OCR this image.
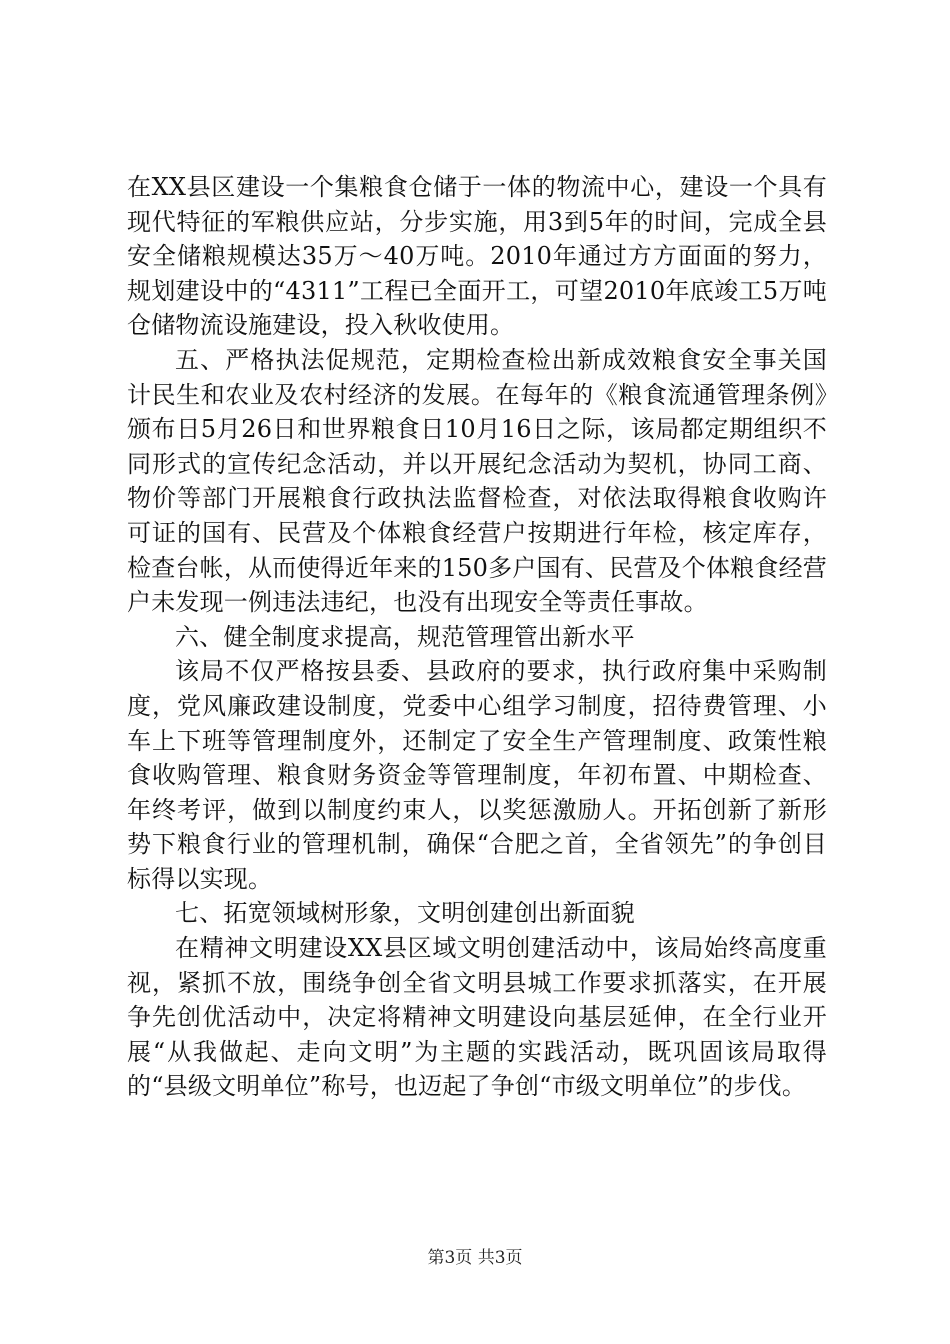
在XX县区建设一个集粮食仓储于一体的物流中心，建设一个具有现代特征的军粮供应站，分步实施，用3到5年的时间，完成全县安全储粮规模达35万～40万吨。2010年通过方方面面的努力，规划建设中的“4311”工程已全面开工，可望2010年底竣工5万吨仓储物流设施建设，投入秋收使用。

五、严格执法促规范，定期检查检出新成效粮食安全事关国计民生和农业及农村经济的发展。在每年的《粮食流通管理条例》颁布日5月26日和世界粮食日10月16日之际，该局都定期组织不同形式的宣传纪念活动，并以开展纪念活动为契机，协同工商、物价等部门开展粮食行政执法监督检查，对依法取得粮食收购许可证的国有、民营及个体粮食经营户按期进行年检，核定库存，检查台帐，从而使得近年来的150多户国有、民营及个体粮食经营户未发现一例违法违纪，也没有出现安全等责任事故。

六、健全制度求提高，规范管理管出新水平

该局不仅严格按县委、县政府的要求，执行政府集中采购制度，党风廉政建设制度，党委中心组学习制度，招待费管理、小车上下班等管理制度外，还制定了安全生产管理制度、政策性粮食收购管理、粮食财务资金等管理制度，年初布置、中期检查、年终考评，做到以制度约束人，以奖惩激励人。开拓创新了新形势下粮食行业的管理机制，确保“合肥之首，全省领先”的争创目标得以实现。

七、拓宽领域树形象，文明创建创出新面貌

在精神文明建设XX县区域文明创建活动中，该局始终高度重视，紧抓不放，围绕争创全省文明县城工作要求抓落实，在开展争先创优活动中，决定将精神文明建设向基层延伸，在全行业开展“从我做起、走向文明”为主题的实践活动，既巩固该局取得的“县级文明单位”称号，也迈起了争创“市级文明单位”的步伐。

第3页 共3页
